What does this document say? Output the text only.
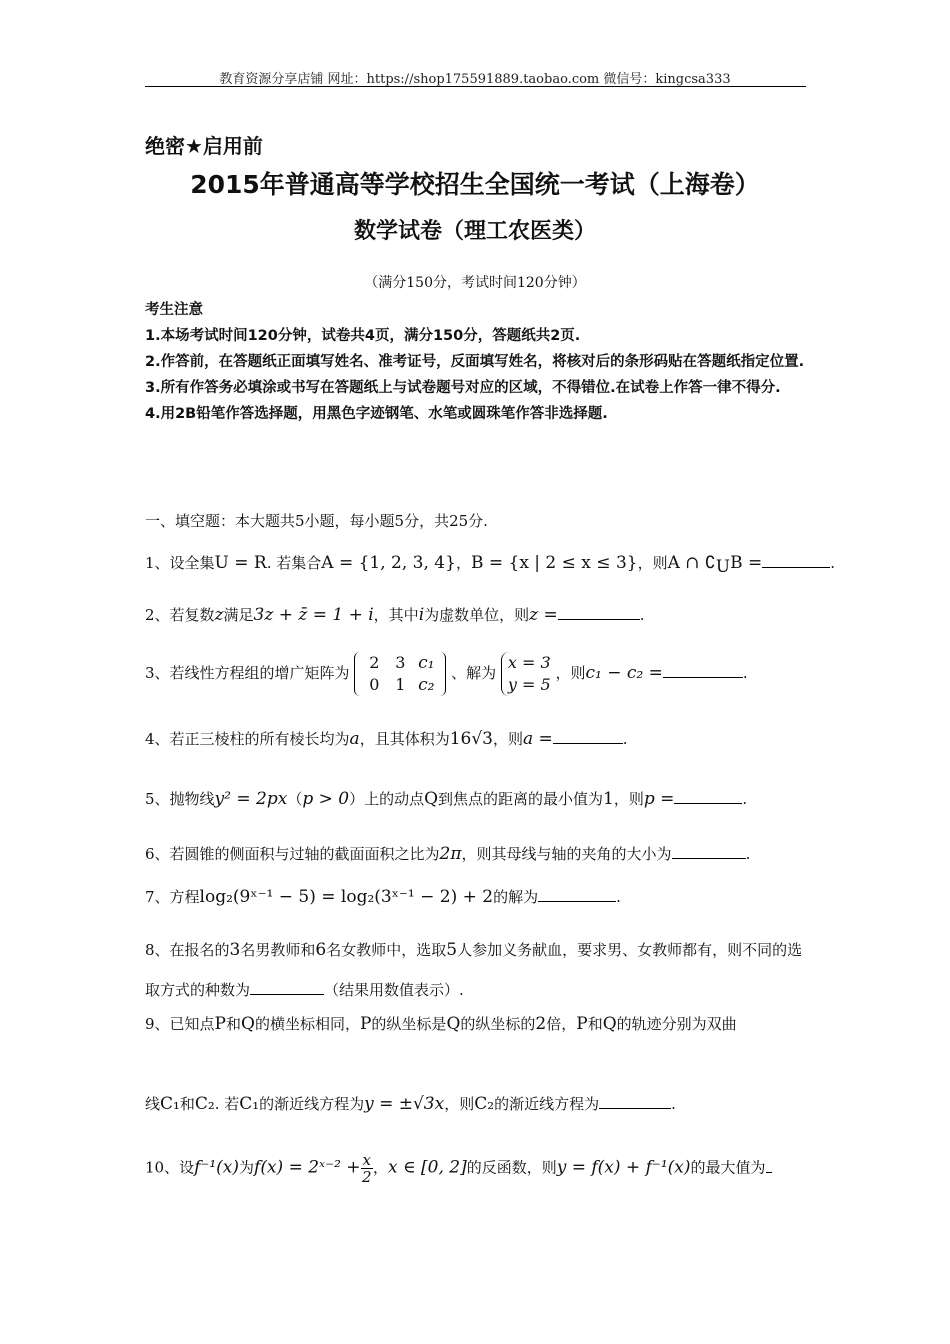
教育资源分享店铺 网址：https://shop175591889.taobao.com 微信号：kingcsa333
绝密★启用前
2015年普通高等学校招生全国统一考试（上海卷）
数学试卷（理工农医类）
（满分150分，考试时间120分钟）
考生注意
1.本场考试时间120分钟，试卷共4页，满分150分，答题纸共2页.
2.作答前，在答题纸正面填写姓名、准考证号，反面填写姓名，将核对后的条形码贴在答题纸指定位置.
3.所有作答务必填涂或书写在答题纸上与试卷题号对应的区域，不得错位.在试卷上作答一律不得分.
4.用2B铅笔作答选择题，用黑色字迹钢笔、水笔或圆珠笔作答非选择题.
一、填空题：本大题共5小题，每小题5分，共25分.
1、设全集U = R. 若集合A = {1, 2, 3, 4}，B = {x | 2 ≤ x ≤ 3}，则A ∩ $∁_UB$ =	.
2、若复数z满足3z + z̄ = 1 + i，其中i为虚数单位，则z =	.
3、若线性方程组的增广矩阵为 2 3 c₁
0 1 c₂ 、解为 x = 3
y = 5 ，则c₁ − c₂ =	.
4、若正三棱柱的所有棱长均为a，且其体积为16√3，则a =	.
5、抛物线y² = 2px（p > 0）上的动点Q到焦点的距离的最小值为1，则p =	.
6、若圆锥的侧面积与过轴的截面面积之比为2π，则其母线与轴的夹角的大小为	.
7、方程log₂(9ˣ⁻¹ − 5) = log₂(3ˣ⁻¹ − 2) + 2的解为	.
8、在报名的3名男教师和6名女教师中，选取5人参加义务献血，要求男、女教师都有，则不同的选取方式的种数为	（结果用数值表示）.
9、已知点P和Q的横坐标相同，P的纵坐标是Q的纵坐标的2倍，P和Q的轨迹分别为双曲
线C₁和C₂. 若C₁的渐近线方程为y = ±√3x，则C₂的渐近线方程为	.
10、设f⁻¹(x)为f(x) = 2ˣ⁻² + $\frac{x}{2}$ ，x ∈ [0, 2]的反函数，则y = f(x) + f⁻¹(x)的最大值为
